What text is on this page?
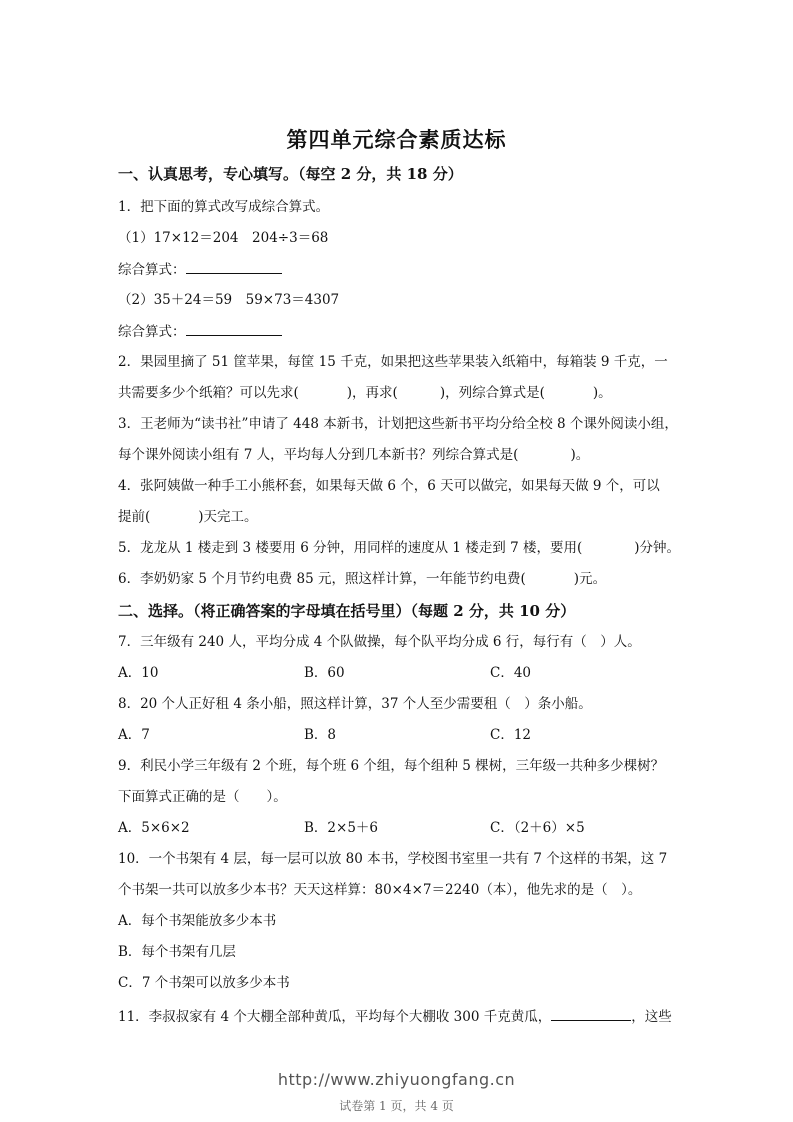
第四单元综合素质达标
一、认真思考，专心填写。（每空 2 分，共 18 分）
1．把下面的算式改写成综合算式。
（1）17×12＝204　204÷3＝68
综合算式：
（2）35＋24＝59　59×73＝4307
综合算式：
2．果园里摘了 51 筐苹果，每筐 15 千克，如果把这些苹果装入纸箱中，每箱装 9 千克，一
共需要多少个纸箱？可以先求(	)，再求(	)，列综合算式是(	)。
3．王老师为“读书社”申请了 448 本新书，计划把这些新书平均分给全校 8 个课外阅读小组，
每个课外阅读小组有 7 人，平均每人分到几本新书？列综合算式是(	)。
4．张阿姨做一种手工小熊杯套，如果每天做 6 个，6 天可以做完，如果每天做 9 个，可以
提前(	)天完工。
5．龙龙从 1 楼走到 3 楼要用 6 分钟，用同样的速度从 1 楼走到 7 楼，要用(	)分钟。
6．李奶奶家 5 个月节约电费 85 元，照这样计算，一年能节约电费(	)元。
二、选择。（将正确答案的字母填在括号里）（每题 2 分，共 10 分）
7．三年级有 240 人，平均分成 4 个队做操，每个队平均分成 6 行，每行有（　）人。
A．10	B．60	C．40
8．20 个人正好租 4 条小船，照这样计算，37 个人至少需要租（　）条小船。
A．7	B．8	C．12
9．利民小学三年级有 2 个班，每个班 6 个组，每个组种 5 棵树，三年级一共种多少棵树？
下面算式正确的是（　　）。
A．5×6×2	B．2×5＋6	C．（2＋6）×5
10．一个书架有 4 层，每一层可以放 80 本书，学校图书室里一共有 7 个这样的书架，这 7
个书架一共可以放多少本书？天天这样算：80×4×7＝2240（本），他先求的是（　）。
A．每个书架能放多少本书
B．每个书架有几层
C．7 个书架可以放多少本书
11．李叔叔家有 4 个大棚全部种黄瓜，平均每个大棚收 300 千克黄瓜，	，这些
http://www.zhiyuongfang.cn
试卷第 1 页，共 4 页
